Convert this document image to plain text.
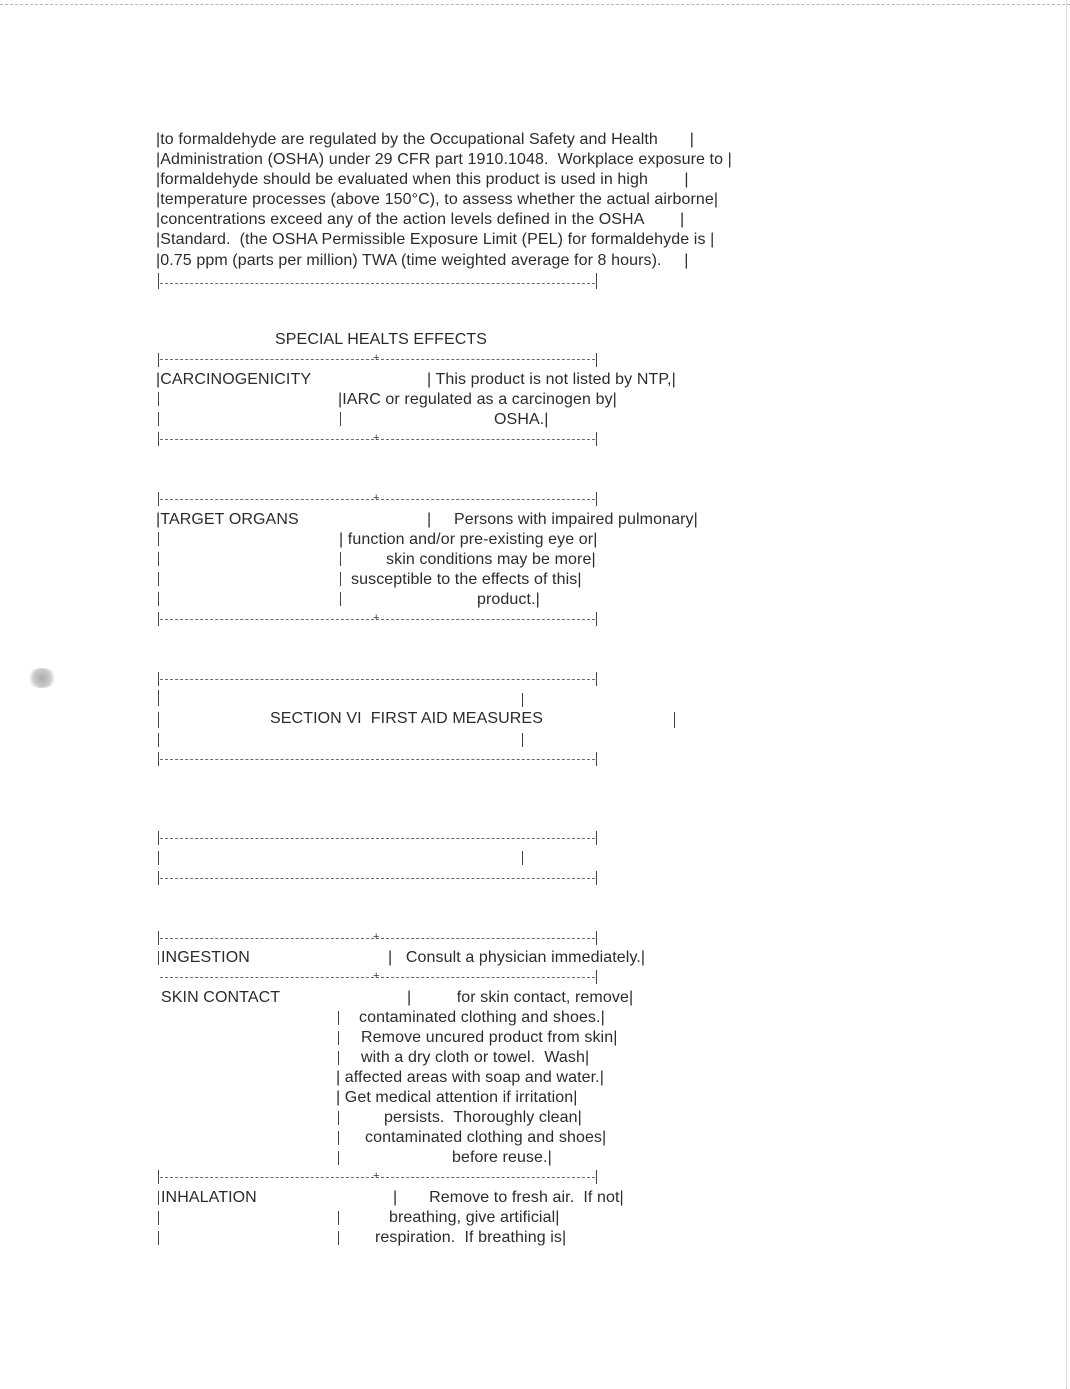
|to formaldehyde are regulated by the Occupational Safety and Health       |
|Administration (OSHA) under 29 CFR part 1910.1048.  Workplace exposure to |
|formaldehyde should be evaluated when this product is used in high        |
|temperature processes (above 150°C), to assess whether the actual airborne|
|concentrations exceed any of the action levels defined in the OSHA        |
|Standard.  (the OSHA Permissible Exposure Limit (PEL) for formaldehyde is |
|0.75 ppm (parts per million) TWA (time weighted average for 8 hours).     |
SPECIAL HEALTS EFFECTS
+
|CARCINOGENICITY	| This product is not listed by NTP,|
|IARC or regulated as a carcinogen by|
OSHA.|
+
+
|TARGET ORGANS	|     Persons with impaired pulmonary|
| function and/or pre-existing eye or|
skin conditions may be more|
susceptible to the effects of this|
product.|
+
SECTION VI  FIRST AID MEASURES
+
INGESTION	|   Consult a physician immediately.|
+
SKIN CONTACT	|          for skin contact, remove|
contaminated clothing and shoes.|
Remove uncured product from skin|
with a dry cloth or towel.  Wash|
| affected areas with soap and water.|
| Get medical attention if irritation|
persists.  Thoroughly clean|
contaminated clothing and shoes|
before reuse.|
+
INHALATION	|       Remove to fresh air.  If not|
breathing, give artificial|
respiration.  If breathing is|
